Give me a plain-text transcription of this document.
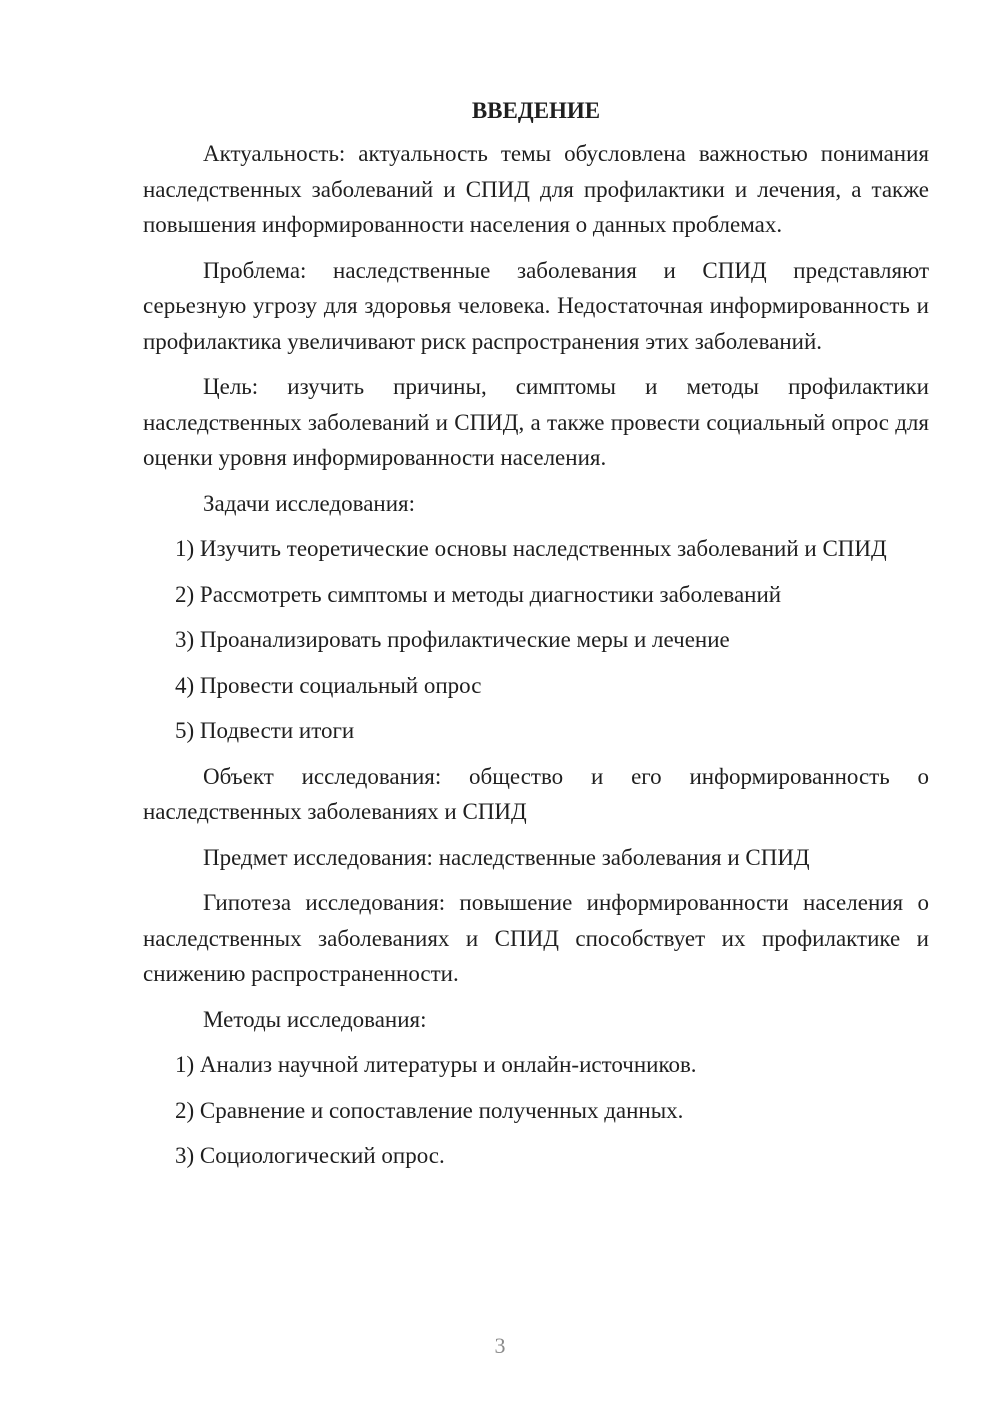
ВВЕДЕНИЕ

Актуальность: актуальность темы обусловлена важностью понимания наследственных заболеваний и СПИД для профилактики и лечения, а также повышения информированности населения о данных проблемах.

Проблема: наследственные заболевания и СПИД представляют серьезную угрозу для здоровья человека. Недостаточная информированность и профилактика увеличивают риск распространения этих заболеваний.

Цель: изучить причины, симптомы и методы профилактики наследственных заболеваний и СПИД, а также провести социальный опрос для оценки уровня информированности населения.

Задачи исследования:

1) Изучить теоретические основы наследственных заболеваний и СПИД

2) Рассмотреть симптомы и методы диагностики заболеваний

3) Проанализировать профилактические меры и лечение

4) Провести социальный опрос

5) Подвести итоги

Объект исследования: общество и его информированность о наследственных заболеваниях и СПИД

Предмет исследования: наследственные заболевания и СПИД

Гипотеза исследования: повышение информированности населения о наследственных заболеваниях и СПИД способствует их профилактике и снижению распространенности.

Методы исследования:

1) Анализ научной литературы и онлайн-источников.

2) Сравнение и сопоставление полученных данных.

3) Социологический опрос.

3
